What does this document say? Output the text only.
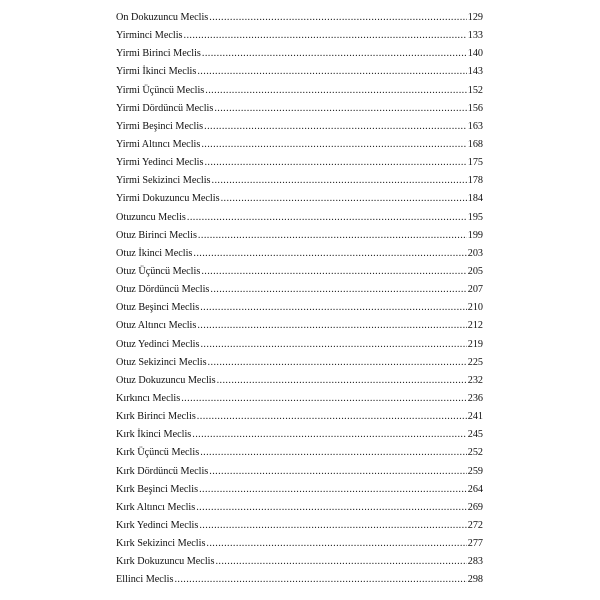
On Dokuzuncu Meclis .....	129
Yirminci Meclis .....	133
Yirmi Birinci Meclis .....	140
Yirmi İkinci Meclis .....	143
Yirmi Üçüncü Meclis .....	152
Yirmi Dördüncü Meclis .....	156
Yirmi Beşinci Meclis .....	163
Yirmi Altıncı Meclis .....	168
Yirmi Yedinci Meclis .....	175
Yirmi Sekizinci Meclis .....	178
Yirmi Dokuzuncu Meclis .....	184
Otuzuncu Meclis .....	195
Otuz Birinci Meclis .....	199
Otuz İkinci Meclis .....	203
Otuz Üçüncü Meclis .....	205
Otuz Dördüncü Meclis .....	207
Otuz Beşinci Meclis .....	210
Otuz Altıncı Meclis .....	212
Otuz Yedinci Meclis .....	219
Otuz Sekizinci Meclis .....	225
Otuz Dokuzuncu Meclis .....	232
Kırkıncı Meclis .....	236
Kırk Birinci Meclis .....	241
Kırk İkinci Meclis .....	245
Kırk Üçüncü Meclis .....	252
Kırk Dördüncü Meclis .....	259
Kırk Beşinci Meclis .....	264
Kırk Altıncı Meclis .....	269
Kırk Yedinci Meclis .....	272
Kırk Sekizinci Meclis .....	277
Kırk Dokuzuncu Meclis .....	283
Ellinci Meclis .....	298
